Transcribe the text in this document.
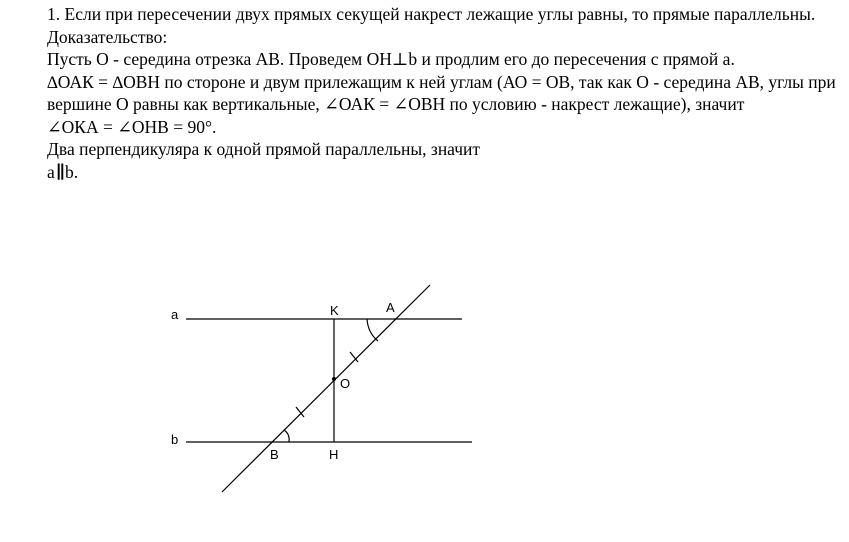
1. Если при пересечении двух прямых секущей накрест лежащие углы равны, то прямые параллельны.

Доказательство:

Пусть О - середина отрезка АВ. Проведем ОН⊥b и продлим его до пересечения с прямой а.

∆ОАК = ∆ОВН по стороне и двум прилежащим к ней углам (АО = ОВ, так как О - середина АВ, углы при вершине О равны как вертикальные, ∠ОАК = ∠ОВН по условию - накрест лежащие), значит

∠ОКА = ∠ОНВ = 90°.

Два перпендикуляра к одной прямой параллельны, значит

a∥b.

a
b
K	A
O
B	H
